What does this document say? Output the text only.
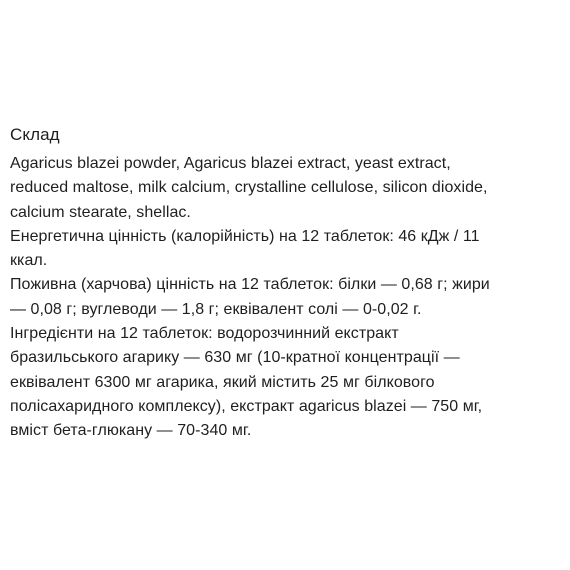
Склад
Agaricus blazei powder, Agaricus blazei extract, yeast extract,
reduced maltose, milk calcium, crystalline cellulose, silicon dioxide,
calcium stearate, shellac.
Енергетична цінність (калорійність) на 12 таблеток: 46 кДж / 11
ккал.
Поживна (харчова) цінність на 12 таблеток: білки — 0,68 г; жири
— 0,08 г; вуглеводи — 1,8 г; еквівалент солі — 0-0,02 г.
Інгредієнти на 12 таблеток: водорозчинний екстракт
бразильського агарику — 630 мг (10-кратної концентрації —
еквівалент 6300 мг агарика, який містить 25 мг білкового
полісахаридного комплексу), екстракт agaricus blazei — 750 мг,
вміст бета-глюкану — 70-340 мг.
